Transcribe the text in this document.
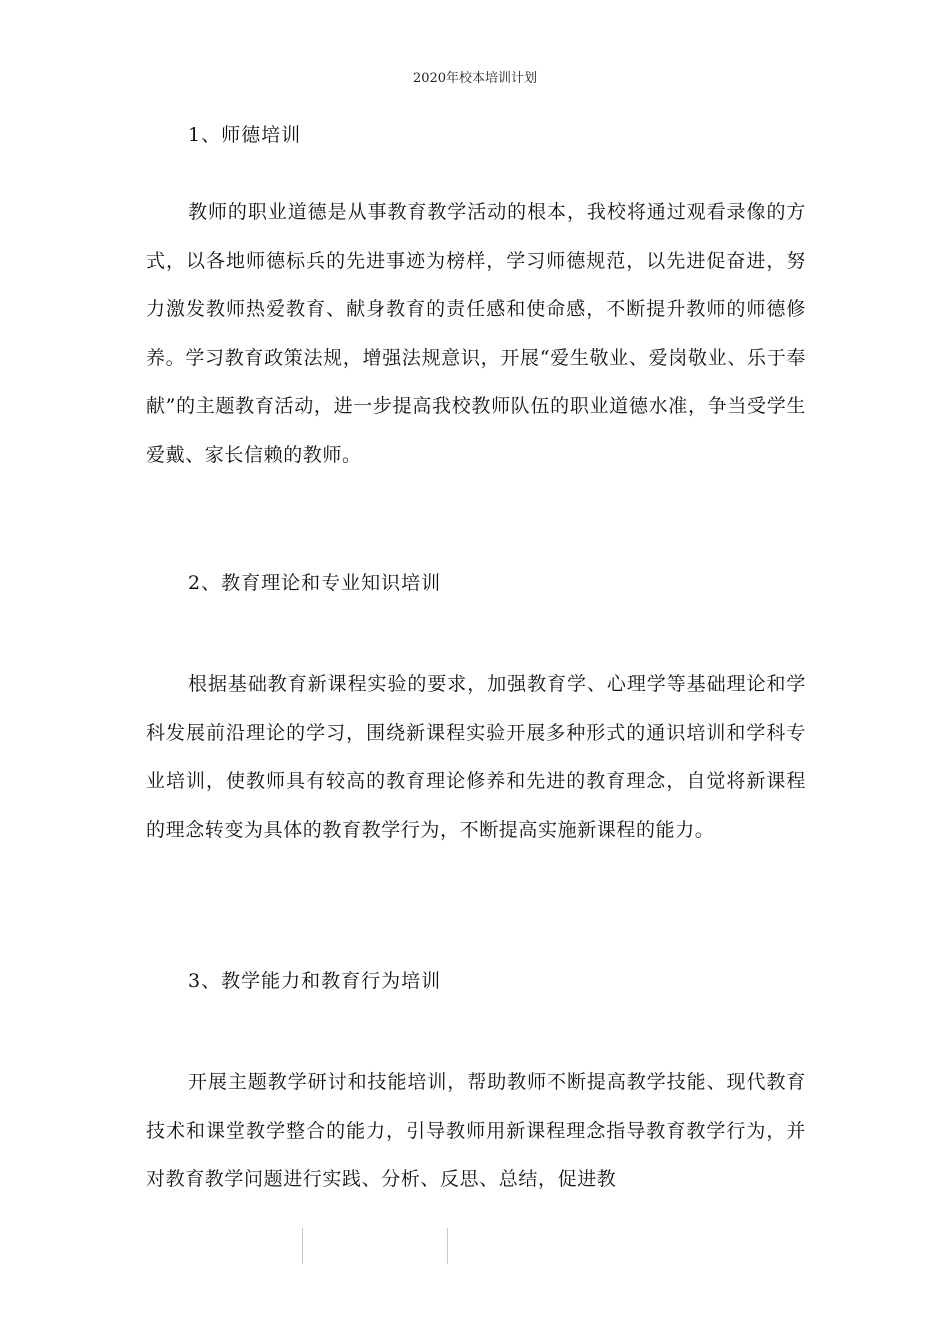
2020年校本培训计划
1、师德培训
教师的职业道德是从事教育教学活动的根本，我校将通过观看录像的方式，以各地师德标兵的先进事迹为榜样，学习师德规范，以先进促奋进，努力激发教师热爱教育、献身教育的责任感和使命感，不断提升教师的师德修养。学习教育政策法规，增强法规意识，开展“爱生敬业、爱岗敬业、乐于奉献”的主题教育活动，进一步提高我校教师队伍的职业道德水准，争当受学生爱戴、家长信赖的教师。
2、教育理论和专业知识培训
根据基础教育新课程实验的要求，加强教育学、心理学等基础理论和学科发展前沿理论的学习，围绕新课程实验开展多种形式的通识培训和学科专业培训，使教师具有较高的教育理论修养和先进的教育理念，自觉将新课程的理念转变为具体的教育教学行为，不断提高实施新课程的能力。
3、教学能力和教育行为培训
开展主题教学研讨和技能培训，帮助教师不断提高教学技能、现代教育技术和课堂教学整合的能力，引导教师用新课程理念指导教育教学行为，并对教育教学问题进行实践、分析、反思、总结，促进教
